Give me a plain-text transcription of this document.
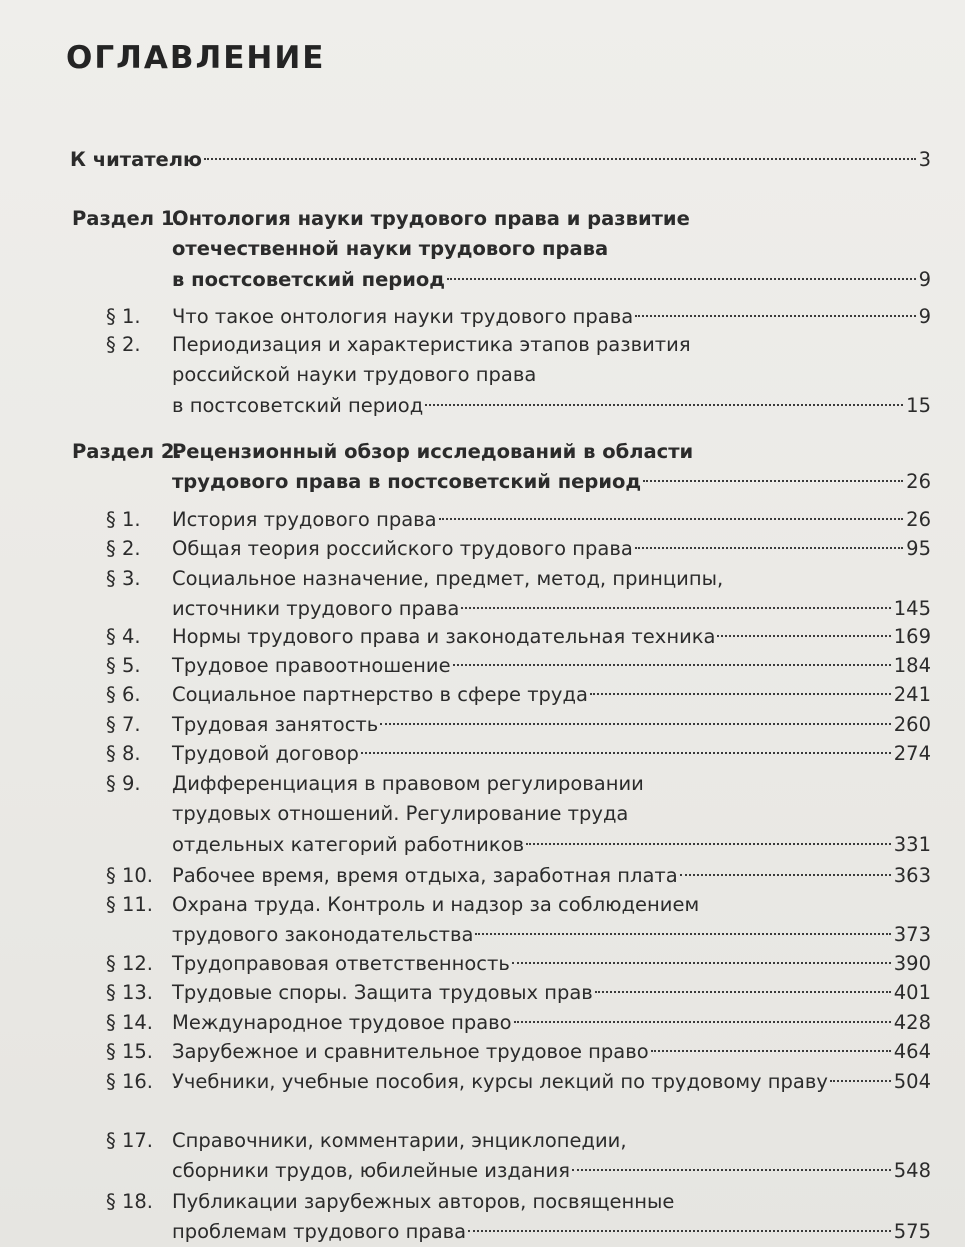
ОГЛАВЛЕНИЕ
К читателю	3
Раздел 1.
Онтология науки трудового права и развитие
отечественной науки трудового права
в постсоветский период	9
§ 1. Что такое онтология науки трудового права	9
§ 2. Периодизация и характеристика этапов развития
российской науки трудового права
в постсоветский период	15
Раздел 2.
Рецензионный обзор исследований в области
трудового права в постсоветский период	26
§ 1. История трудового права	26
§ 2. Общая теория российского трудового права	95
§ 3. Социальное назначение, предмет, метод, принципы,
источники трудового права	145
§ 4. Нормы трудового права и законодательная техника	169
§ 5. Трудовое правоотношение	184
§ 6. Социальное партнерство в сфере труда	241
§ 7. Трудовая занятость	260
§ 8. Трудовой договор	274
§ 9. Дифференциация в правовом регулировании
трудовых отношений. Регулирование труда
отдельных категорий работников	331
§ 10. Рабочее время, время отдыха, заработная плата	363
§ 11. Охрана труда. Контроль и надзор за соблюдением
трудового законодательства	373
§ 12. Трудоправовая ответственность	390
§ 13. Трудовые споры. Защита трудовых прав	401
§ 14. Международное трудовое право	428
§ 15. Зарубежное и сравнительное трудовое право	464
§ 16. Учебники, учебные пособия, курсы лекций по трудовому праву	504
§ 17. Справочники, комментарии, энциклопедии,
сборники трудов, юбилейные издания	548
§ 18. Публикации зарубежных авторов, посвященные
проблемам трудового права	575
